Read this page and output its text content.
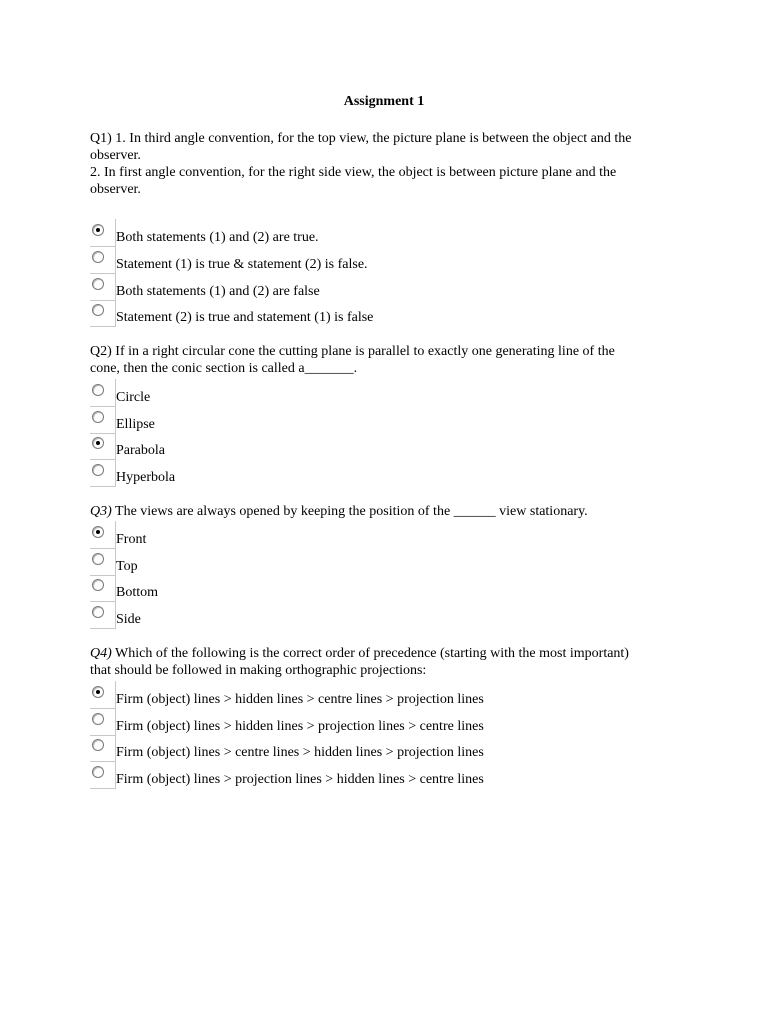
Assignment 1
Q1) 1. In third angle convention, for the top view, the picture plane is between the object and the
observer.
2. In first angle convention, for the right side view, the object is between picture plane and the
observer.
Both statements (1) and (2) are true.
Statement (1) is true & statement (2) is false.
Both statements (1) and (2) are false
Statement (2) is true and statement (1) is false
Q2) If in a right circular cone the cutting plane is parallel to exactly one generating line of the
cone, then the conic section is called a_______.
Circle
Ellipse
Parabola
Hyperbola
Q3) The views are always opened by keeping the position of the ______ view stationary.
Front
Top
Bottom
Side
Q4) Which of the following is the correct order of precedence (starting with the most important)
that should be followed in making orthographic projections:
Firm (object) lines > hidden lines > centre lines > projection lines
Firm (object) lines > hidden lines > projection lines > centre lines
Firm (object) lines > centre lines > hidden lines > projection lines
Firm (object) lines > projection lines > hidden lines > centre lines
